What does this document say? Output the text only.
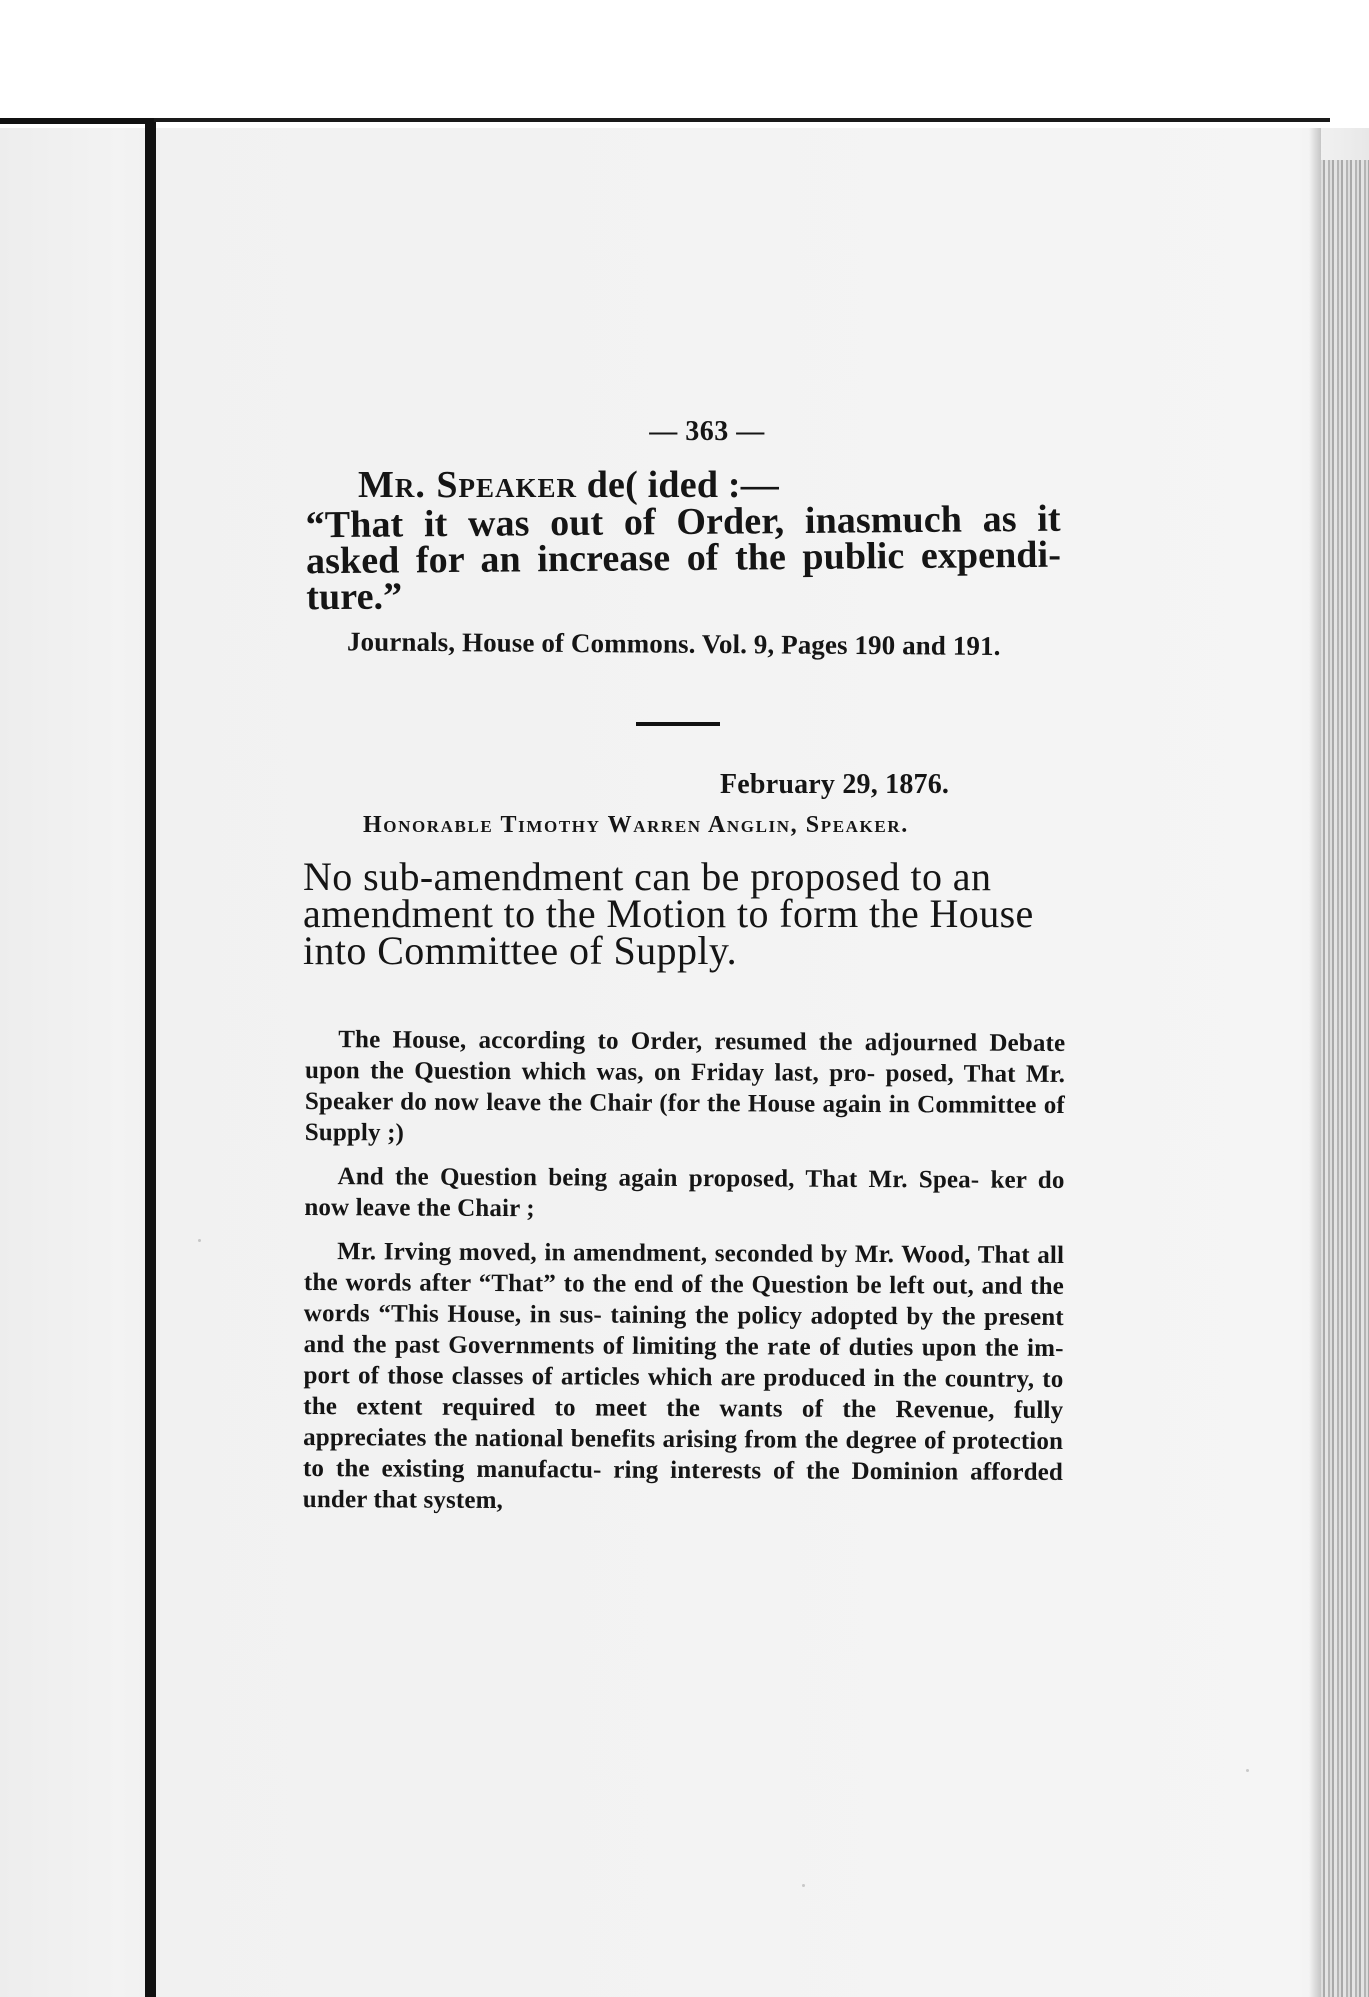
— 363 —
Mr. Speaker de( ided :—
“That it was out of Order, inasmuch as it asked for an increase of the public expendi- ture.”
Journals, House of Commons. Vol. 9, Pages 190 and 191.
February 29, 1876.
Honorable Timothy Warren Anglin, Speaker.
No sub-amendment can be proposed to an amendment to the Motion to form the House into Committee of Supply.

The House, according to Order, resumed the adjourned Debate upon the Question which was, on Friday last, pro- posed, That Mr. Speaker do now leave the Chair (for the House again in Committee of Supply ;)

And the Question being again proposed, That Mr. Spea- ker do now leave the Chair ;

Mr. Irving moved, in amendment, seconded by Mr. Wood, That all the words after “That” to the end of the Question be left out, and the words “This House, in sus- taining the policy adopted by the present and the past Governments of limiting the rate of duties upon the im- port of those classes of articles which are produced in the country, to the extent required to meet the wants of the Revenue, fully appreciates the national benefits arising from the degree of protection to the existing manufactu- ring interests of the Dominion afforded under that system,
